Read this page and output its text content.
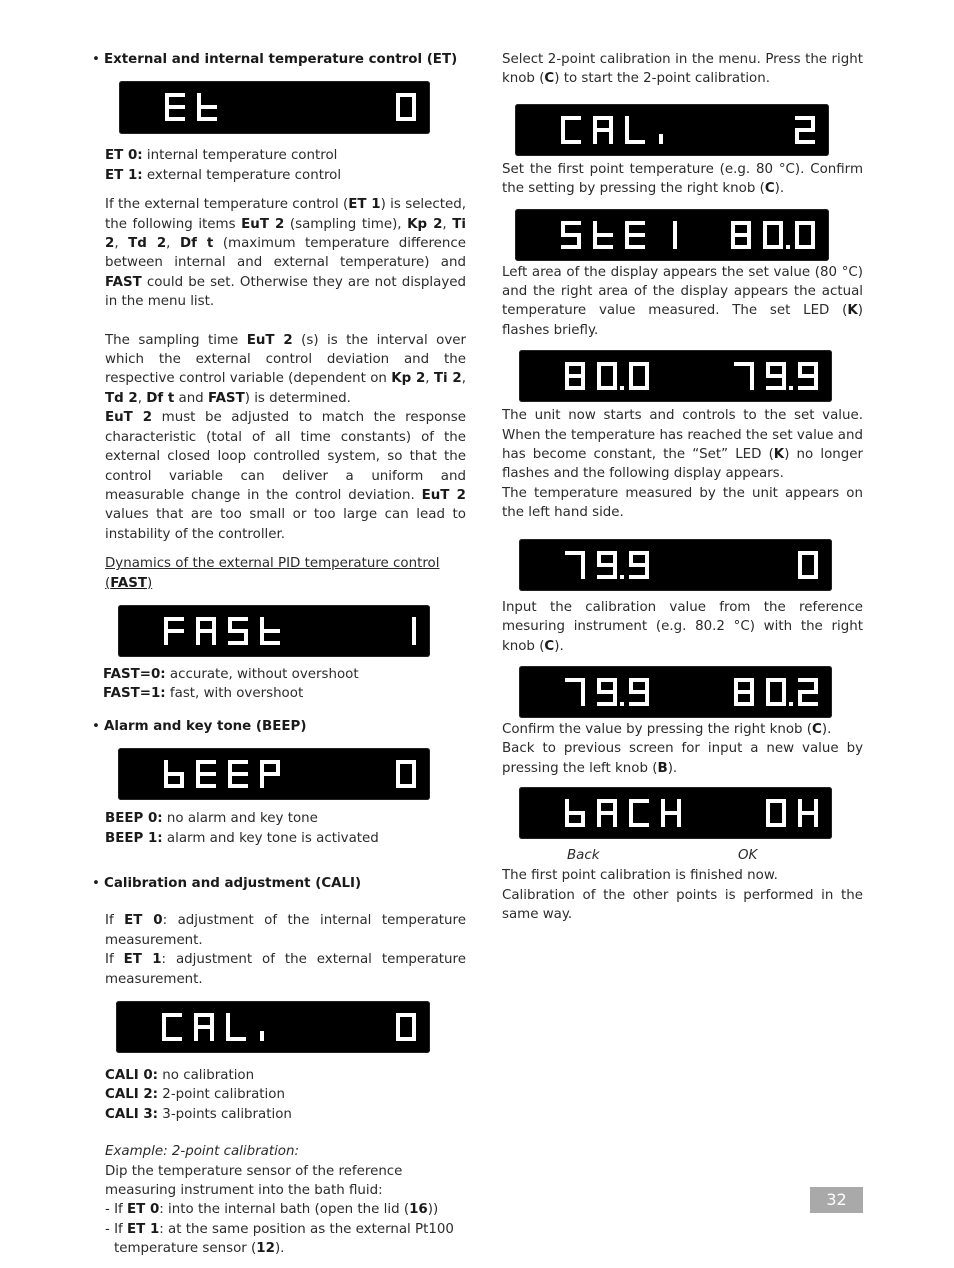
• External and internal temperature control (ET)

ET 0: internal temperature control

ET 1: external temperature control

If the external temperature control (ET 1) is selected, the following items EuT 2 (sampling time), Kp 2, Ti 2, Td 2, Df t (maximum temperature difference between internal and external temperature) and FAST could be set. Otherwise they are not displayed in the menu list.

The sampling time EuT 2 (s) is the interval over which the external control deviation and the respective control variable (dependent on Kp 2, Ti 2, Td 2, Df t and FAST) is determined.

EuT 2 must be adjusted to match the response characteristic (total of all time constants) of the external closed loop controlled system, so that the control variable can deliver a uniform and measurable change in the control deviation. EuT 2 values that are too small or too large can lead to instability of the controller.

Dynamics of the external PID temperature control (FAST)

FAST=0: accurate, without overshoot

FAST=1: fast, with overshoot

• Alarm and key tone (BEEP)

BEEP 0: no alarm and key tone

BEEP 1: alarm and key tone is activated

• Calibration and adjustment (CALI)

If ET 0: adjustment of the internal temperature measurement.

If ET 1: adjustment of the external temperature measurement.

CALI 0: no calibration

CALI 2: 2-point calibration

CALI 3: 3-points calibration

Example: 2-point calibration:

Dip the temperature sensor of the reference measuring instrument into the bath fluid:

- If ET 0: into the internal bath (open the lid (16))

- If ET 1: at the same position as the external Pt100 temperature sensor (12).

Select 2-point calibration in the menu. Press the right knob (C) to start the 2-point calibration.

Set the first point temperature (e.g. 80 °C). Confirm the setting by pressing the right knob (C).

Left area of the display appears the set value (80 °C) and the right area of the display appears the actual temperature value measured. The set LED (K) flashes briefly.

The unit now starts and controls to the set value. When the temperature has reached the set value and has become constant, the “Set” LED (K) no longer flashes and the following display appears.

The temperature measured by the unit appears on the left hand side.

Input the calibration value from the reference mesuring instrument (e.g. 80.2 °C) with the right knob (C).

Confirm the value by pressing the right knob (C).

Back to previous screen for input a new value by pressing the left knob (B).

Back	OK

The first point calibration is finished now.

Calibration of the other points is performed in the same way.

32
